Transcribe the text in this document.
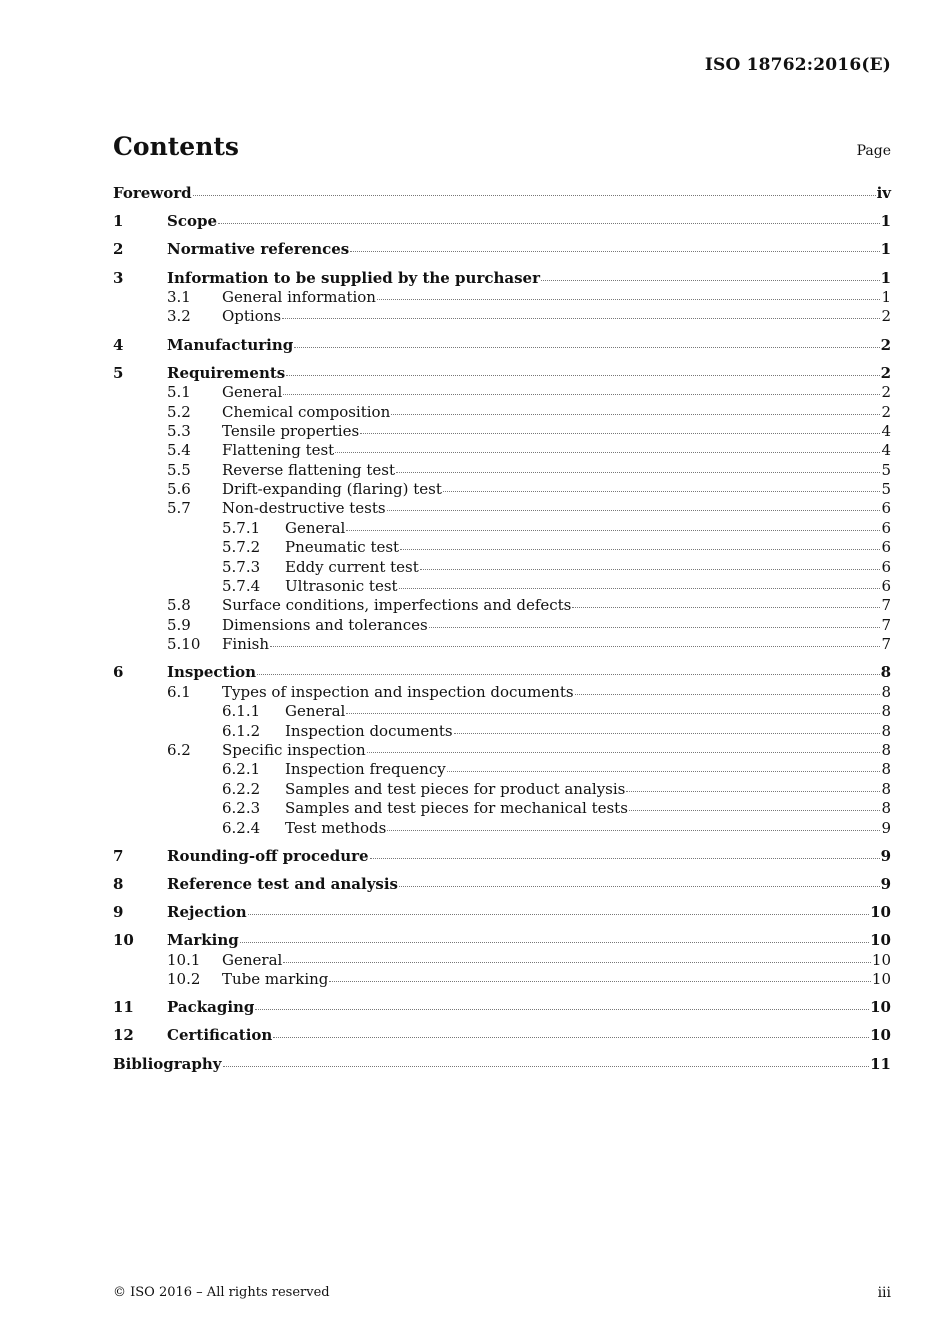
ISO 18762:2016(E)
Contents	Page
Foreword	iv
1	Scope	1
2	Normative references	1
3	Information to be supplied by the purchaser	1
3.1	General information	1
3.2	Options	2
4	Manufacturing	2
5	Requirements	2
5.1	General	2
5.2	Chemical composition	2
5.3	Tensile properties	4
5.4	Flattening test	4
5.5	Reverse flattening test	5
5.6	Drift-expanding (flaring) test	5
5.7	Non-destructive tests	6
5.7.1	General	6
5.7.2	Pneumatic test	6
5.7.3	Eddy current test	6
5.7.4	Ultrasonic test	6
5.8	Surface conditions, imperfections and defects	7
5.9	Dimensions and tolerances	7
5.10	Finish	7
6	Inspection	8
6.1	Types of inspection and inspection documents	8
6.1.1	General	8
6.1.2	Inspection documents	8
6.2	Specific inspection	8
6.2.1	Inspection frequency	8
6.2.2	Samples and test pieces for product analysis	8
6.2.3	Samples and test pieces for mechanical tests	8
6.2.4	Test methods	9
7	Rounding-off procedure	9
8	Reference test and analysis	9
9	Rejection	10
10	Marking	10
10.1	General	10
10.2	Tube marking	10
11	Packaging	10
12	Certification	10
Bibliography	11
© ISO 2016 – All rights reserved	iii
